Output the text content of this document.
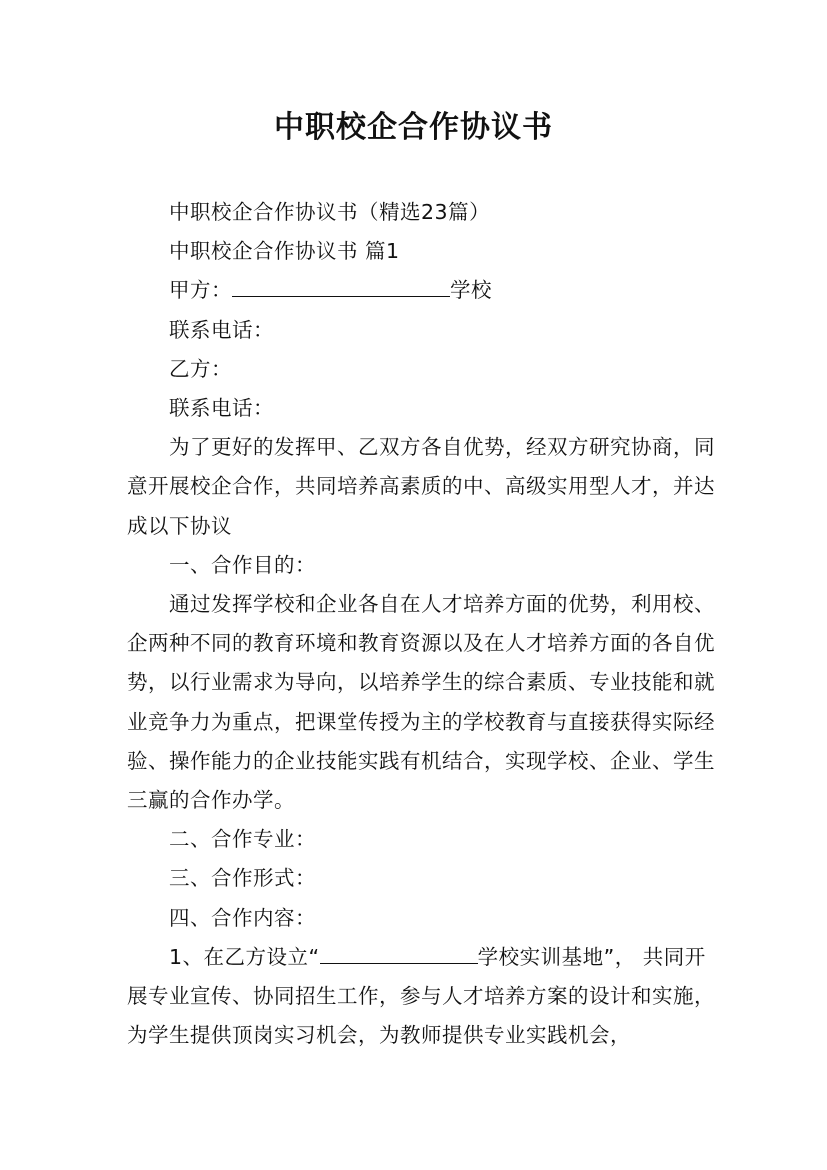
中职校企合作协议书

中职校企合作协议书（精选23篇）

中职校企合作协议书 篇1

甲方：	学校

联系电话：

乙方：

联系电话：

为了更好的发挥甲、乙双方各自优势，经双方研究协商，同意开展校企合作，共同培养高素质的中、高级实用型人才，并达成以下协议

一、合作目的：

通过发挥学校和企业各自在人才培养方面的优势，利用校、企两种不同的教育环境和教育资源以及在人才培养方面的各自优势，以行业需求为导向，以培养学生的综合素质、专业技能和就业竞争力为重点，把课堂传授为主的学校教育与直接获得实际经验、操作能力的企业技能实践有机结合，实现学校、企业、学生三赢的合作办学。

二、合作专业：

三、合作形式：

四、合作内容：

1、在乙方设立“	学校实训基地”， 共同开展专业宣传、协同招生工作，参与人才培养方案的设计和实施，为学生提供顶岗实习机会，为教师提供专业实践机会，
